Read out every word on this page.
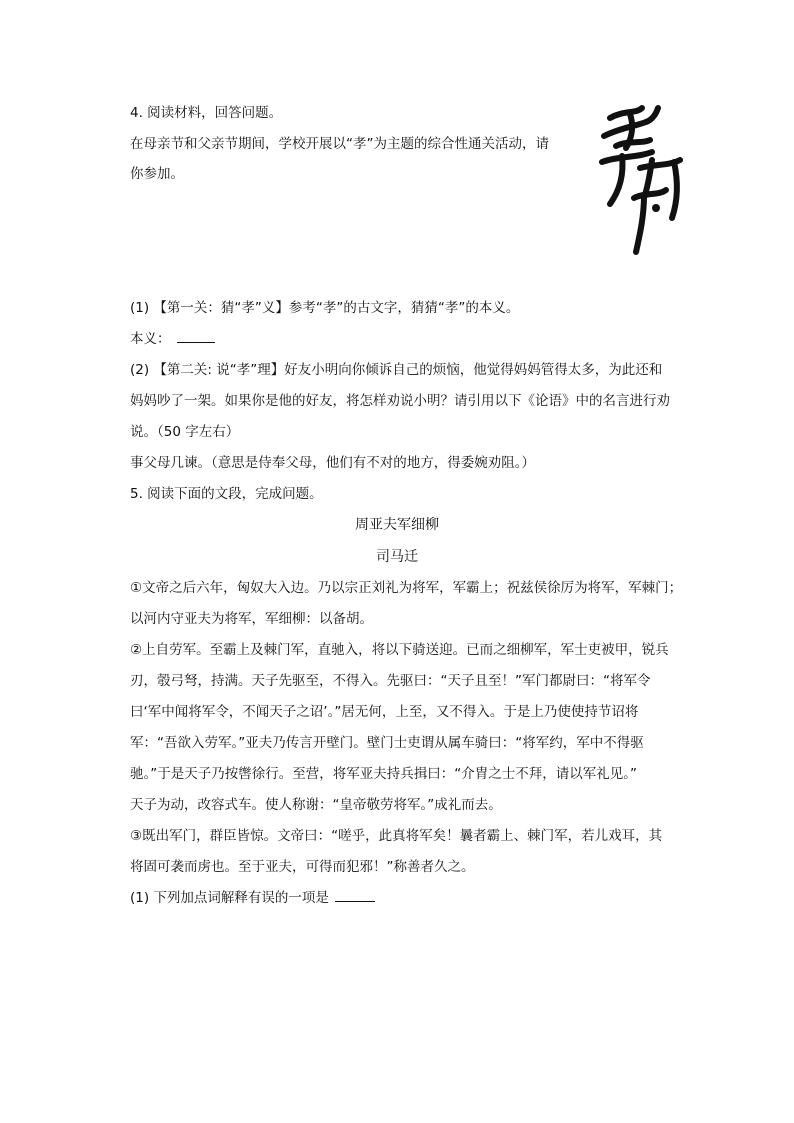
4. 阅读材料，回答问题。
在母亲节和父亲节期间，学校开展以“孝”为主题的综合性通关活动，请
你参加。
(1) 【第一关：猜“孝”义】参考“孝”的古文字，猜猜“孝”的本义。
本义：
(2) 【第二关: 说“孝”理】好友小明向你倾诉自己的烦恼，他觉得妈妈管得太多，为此还和
妈妈吵了一架。如果你是他的好友，将怎样劝说小明？请引用以下《论语》中的名言进行劝
说。（50 字左右）
事父母几谏。（意思是侍奉父母，他们有不对的地方，得委婉劝阻。）
5. 阅读下面的文段，完成问题。
周亚夫军细柳
司马迁
①文帝之后六年，匈奴大入边。乃以宗正刘礼为将军，军霸上；祝兹侯徐厉为将军，军棘门；
以河内守亚夫为将军，军细柳：以备胡。
②上自劳军。至霸上及棘门军，直驰入，将以下骑送迎。已而之细柳军，军士吏被甲，锐兵
刃，彀弓弩，持满。天子先驱至，不得入。先驱曰：“天子且至！”军门都尉曰：“将军令
曰‘军中闻将军令，不闻天子之诏’。”居无何，上至，又不得入。于是上乃使使持节诏将
军：“吾欲入劳军。”亚夫乃传言开壁门。壁门士吏谓从属车骑曰：“将军约，军中不得驱
驰。”于是天子乃按辔徐行。至营，将军亚夫持兵揖曰：“介胄之士不拜，请以军礼见。”
天子为动，改容式车。使人称谢：“皇帝敬劳将军。”成礼而去。
③既出军门，群臣皆惊。文帝曰：“嗟乎，此真将军矣！曩者霸上、棘门军，若儿戏耳，其
将固可袭而虏也。至于亚夫，可得而犯邪！”称善者久之。
(1) 下列加点词解释有误的一项是
